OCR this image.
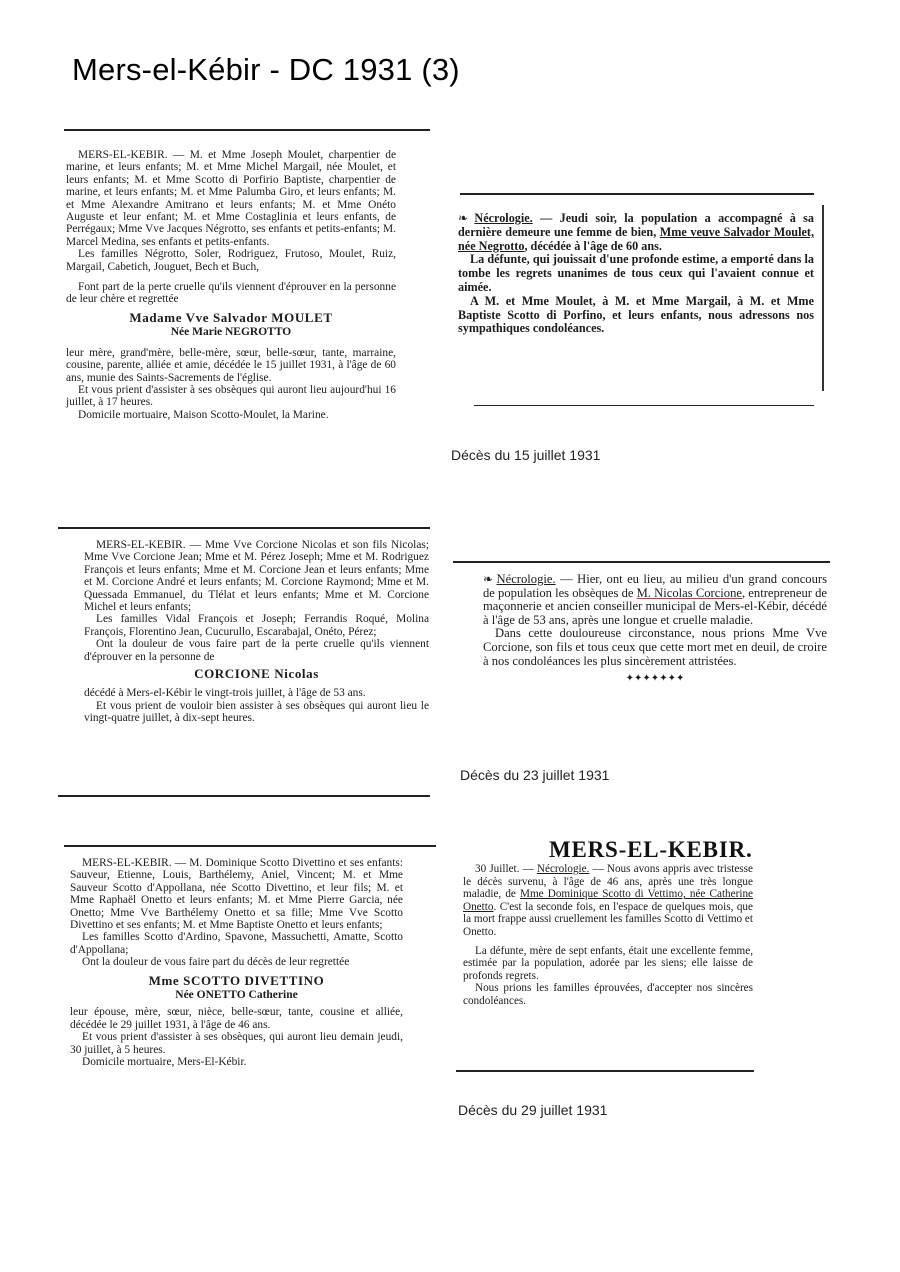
Mers-el-Kébir - DC 1931 (3)

MERS-EL-KEBIR. — M. et Mme Joseph Moulet, charpentier de marine, et leurs enfants; M. et Mme Michel Margail, née Moulet, et leurs enfants; M. et Mme Scotto di Porfirio Baptiste, charpentier de marine, et leurs enfants; M. et Mme Palumba Giro, et leurs enfants; M. et Mme Alexandre Amitrano et leurs enfants; M. et Mme Onéto Auguste et leur enfant; M. et Mme Costaglinia et leurs enfants, de Perrégaux; Mme Vve Jacques Négrotto, ses enfants et petits-enfants; M. Marcel Medina, ses enfants et petits-enfants.

Les familles Négrotto, Soler, Rodriguez, Frutoso, Moulet, Ruiz, Margail, Cabetich, Jouguet, Bech et Buch,

Font part de la perte cruelle qu'ils viennent d'éprouver en la personne de leur chère et regrettée

Madame Vve Salvador MOULET
Née Marie NEGROTTO

leur mère, grand'mère, belle-mère, sœur, belle-sœur, tante, marraine, cousine, parente, alliée et amie, décédée le 15 juillet 1931, à l'âge de 60 ans, munie des Saints-Sacrements de l'église.

Et vous prient d'assister à ses obsèques qui auront lieu aujourd'hui 16 juillet, à 17 heures.

Domicile mortuaire, Maison Scotto-Moulet, la Marine.

MERS-EL-KEBIR. — Mme Vve Corcione Nicolas et son fils Nicolas; Mme Vve Corcione Jean; Mme et M. Pérez Joseph; Mme et M. Rodriguez François et leurs enfants; Mme et M. Corcione Jean et leurs enfants; Mme et M. Corcione André et leurs enfants; M. Corcione Raymond; Mme et M. Quessada Emmanuel, du Tlélat et leurs enfants; Mme et M. Corcione Michel et leurs enfants;

Les familles Vidal François et Joseph; Ferrandis Roqué, Molina François, Florentino Jean, Cucurullo, Escarabajal, Onéto, Pérez;

Ont la douleur de vous faire part de la perte cruelle qu'ils viennent d'éprouver en la personne de

CORCIONE Nicolas

décédé à Mers-el-Kébir le vingt-trois juillet, à l'âge de 53 ans.

Et vous prient de vouloir bien assister à ses obsèques qui auront lieu le vingt-quatre juillet, à dix-sept heures.

MERS-EL-KEBIR. — M. Dominique Scotto Divettino et ses enfants: Sauveur, Etienne, Louis, Barthélemy, Aniel, Vincent; M. et Mme Sauveur Scotto d'Appollana, née Scotto Divettino, et leur fils; M. et Mme Raphaël Onetto et leurs enfants; M. et Mme Pierre Garcia, née Onetto; Mme Vve Barthélemy Onetto et sa fille; Mme Vve Scotto Divettino et ses enfants; M. et Mme Baptiste Onetto et leurs enfants;

Les familles Scotto d'Ardino, Spavone, Massuchetti, Amatte, Scotto d'Appollana;

Ont la douleur de vous faire part du décès de leur regrettée

Mme SCOTTO DIVETTINO
Née ONETTO Catherine

leur épouse, mère, sœur, nièce, belle-sœur, tante, cousine et alliée, décédée le 29 juillet 1931, à l'âge de 46 ans.

Et vous prient d'assister à ses obsèques, qui auront lieu demain jeudi, 30 juillet, à 5 heures.

Domicile mortuaire, Mers-El-Kébir.

❧ Nécrologie. — Jeudi soir, la population a accompagné à sa dernière demeure une femme de bien, Mme veuve Salvador Moulet, née Negrotto, décédée à l'âge de 60 ans.

La défunte, qui jouissait d'une profonde estime, a emporté dans la tombe les regrets unanimes de tous ceux qui l'avaient connue et aimée.

A M. et Mme Moulet, à M. et Mme Margail, à M. et Mme Baptiste Scotto di Porfino, et leurs enfants, nous adressons nos sympathiques condoléances.

Décès du 15 juillet 1931

❧ Nécrologie. — Hier, ont eu lieu, au milieu d'un grand concours de population les obsèques de M. Nicolas Corcione, entrepreneur de maçonnerie et ancien conseiller municipal de Mers-el-Kébir, décédé à l'âge de 53 ans, après une longue et cruelle maladie.

Dans cette douloureuse circonstance, nous prions Mme Vve Corcione, son fils et tous ceux que cette mort met en deuil, de croire à nos condoléances les plus sincèrement attristées.

✦✦✦✦✦✦✦
Décès du 23 juillet 1931
MERS-EL-KEBIR.

30 Juillet. — Nécrologie. — Nous avons appris avec tristesse le décès survenu, à l'âge de 46 ans, après une très longue maladie, de Mme Dominique Scotto di Vettimo, née Catherine Onetto. C'est la seconde fois, en l'espace de quelques mois, que la mort frappe aussi cruellement les familles Scotto di Vettimo et Onetto.

La défunte, mère de sept enfants, était une excellente femme, estimée par la population, adorée par les siens; elle laisse de profonds regrets.

Nous prions les familles éprouvées, d'accepter nos sincères condoléances.

Décès du 29 juillet 1931
